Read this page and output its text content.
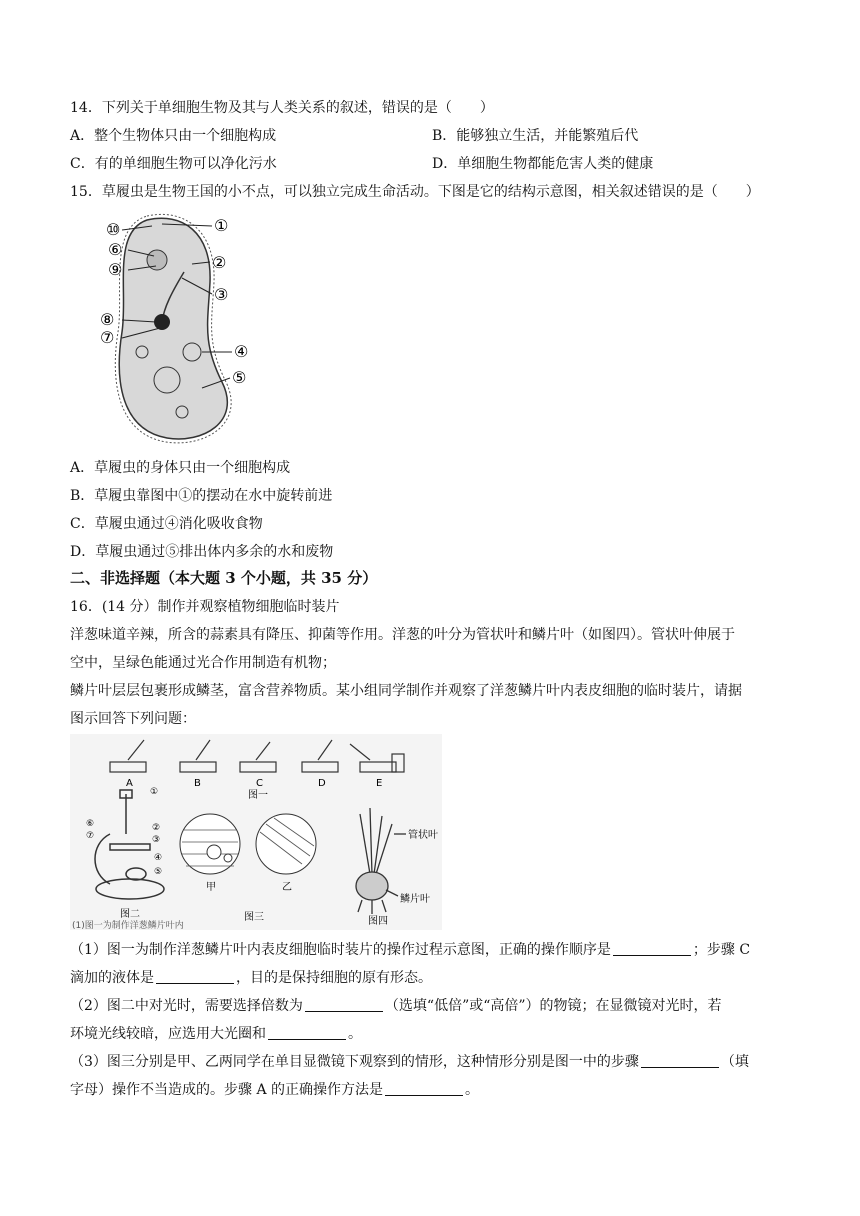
14．下列关于单细胞生物及其与人类关系的叙述，错误的是（　　）
A．整个生物体只由一个细胞构成	B．能够独立生活，并能繁殖后代
C．有的单细胞生物可以净化污水	D．单细胞生物都能危害人类的健康
15．草履虫是生物王国的小不点，可以独立完成生命活动。下图是它的结构示意图，相关叙述错误的是（　　）
⑩
⑥
⑨
⑧
⑦
①
②
③
④
⑤
A．草履虫的身体只由一个细胞构成
B．草履虫靠图中①的摆动在水中旋转前进
C．草履虫通过④消化吸收食物
D．草履虫通过⑤排出体内多余的水和废物
二、非选择题（本大题 3 个小题，共 35 分）
16．(14 分）制作并观察植物细胞临时装片
洋葱味道辛辣，所含的蒜素具有降压、抑菌等作用。洋葱的叶分为管状叶和鳞片叶（如图四）。管状叶伸展于
空中，呈绿色能通过光合作用制造有机物；
鳞片叶层层包裹形成鳞茎，富含营养物质。某小组同学制作并观察了洋葱鳞片叶内表皮细胞的临时装片，请据
图示回答下列问题：
A	B	C	D	E
图一
①
②
③
④
⑤
⑥
⑦
图二
甲	乙
图三
管状叶
鳞片叶
图四
(1)图一为制作洋葱鳞片叶内
（1）图一为制作洋葱鳞片叶内表皮细胞临时装片的操作过程示意图，正确的操作顺序是	；步骤 C
滴加的液体是	，目的是保持细胞的原有形态。
（2）图二中对光时，需要选择倍数为	（选填“低倍”或“高倍”）的物镜；在显微镜对光时，若
环境光线较暗，应选用大光圈和	。
（3）图三分别是甲、乙两同学在单目显微镜下观察到的情形，这种情形分别是图一中的步骤	（填
字母）操作不当造成的。步骤 A 的正确操作方法是	。
